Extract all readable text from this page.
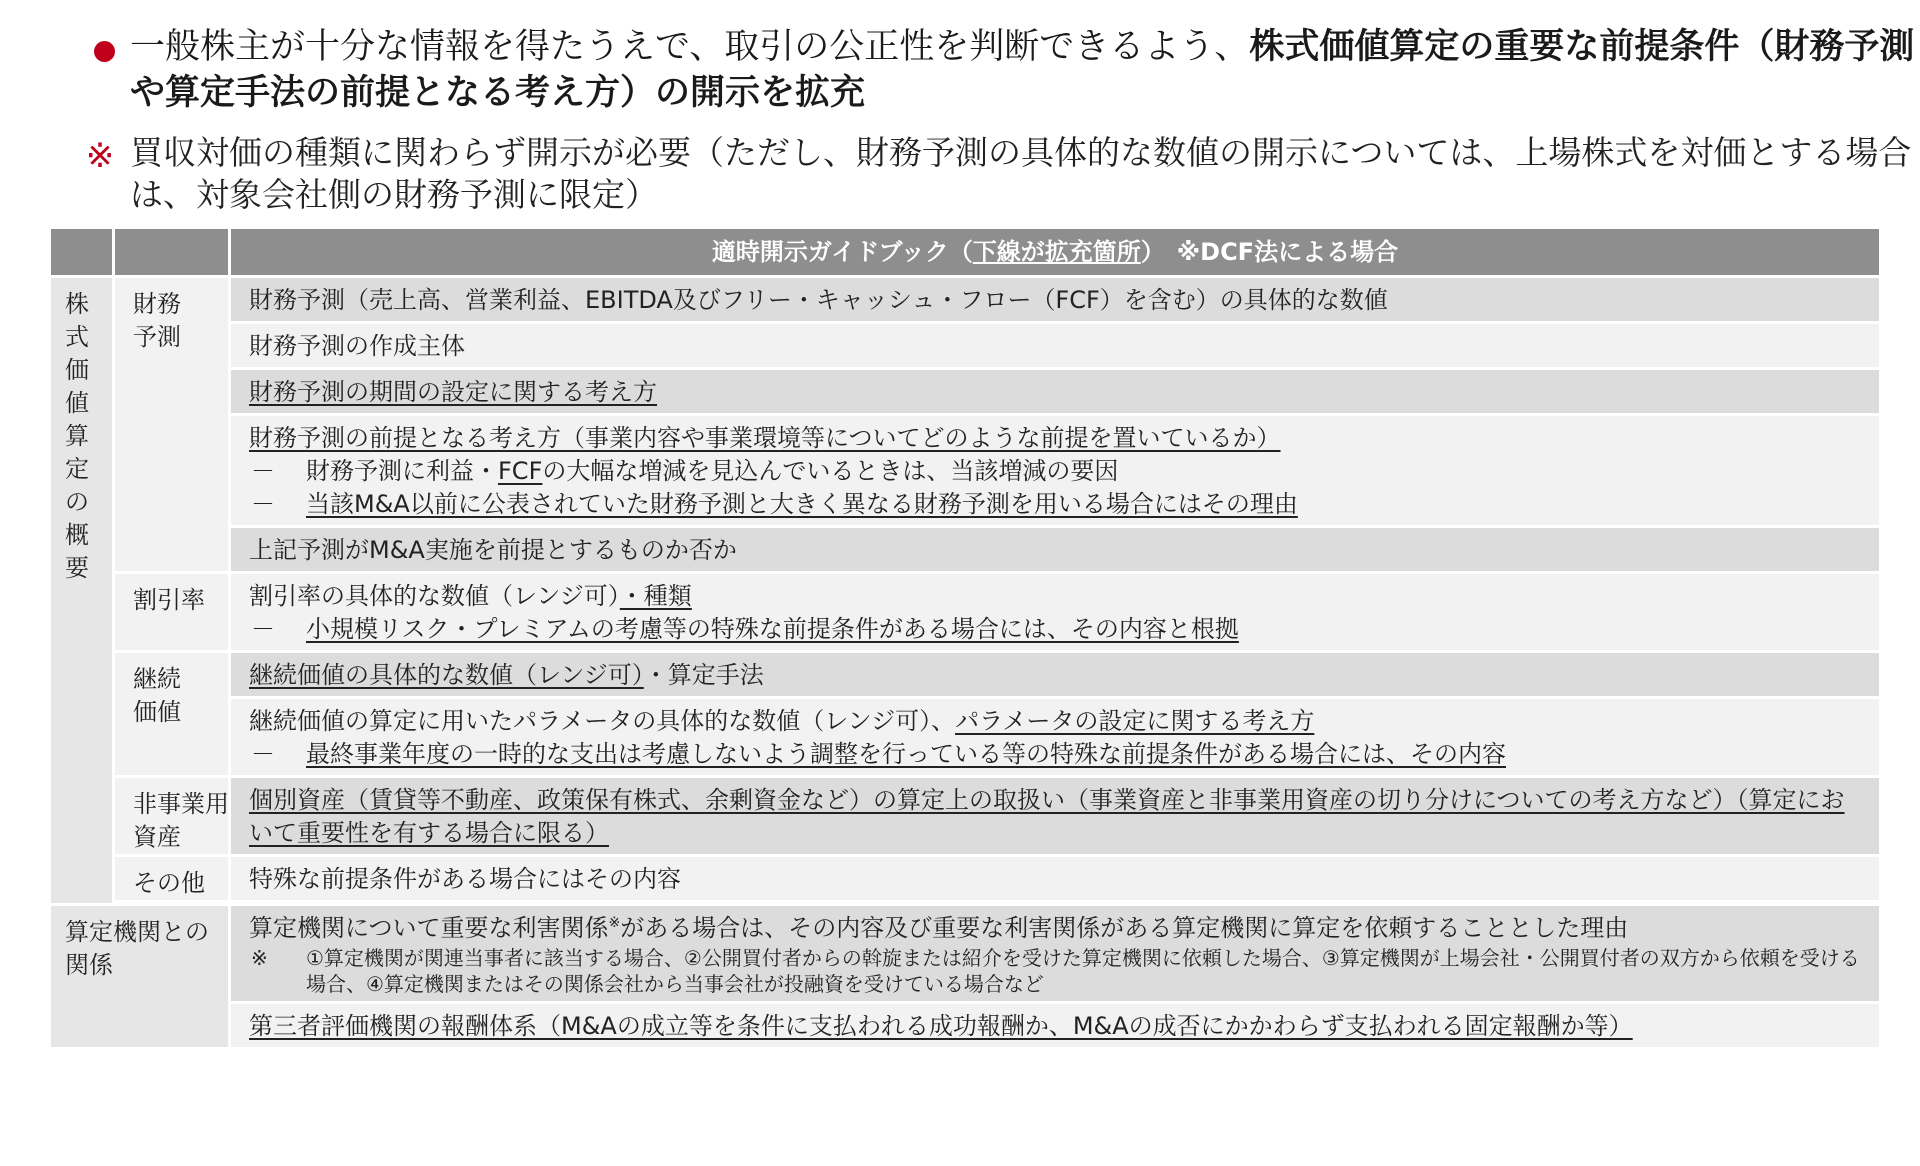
一般株主が十分な情報を得たうえで、取引の公正性を判断できるよう、株式価値算定の重要な前提条件（財務予測や算定手法の前提となる考え方）の開示を拡充
※ 買収対価の種類に関わらず開示が必要（ただし、財務予測の具体的な数値の開示については、上場株式を対価とする場合は、対象会社側の財務予測に限定）
		適時開示ガイドブック（下線が拡充箇所）　※DCF法による場合

株式価値算定の概要	財務予測	財務予測（売上高、営業利益、EBITDA及びフリー・キャッシュ・フロー（FCF）を含む）の具体的な数値
		財務予測の作成主体
		財務予測の期間の設定に関する考え方

		財務予測の前提となる考え方（事業内容や事業環境等についてどのような前提を置いているか）
－ 財務予測に利益・FCFの大幅な増減を見込んでいるときは、当該増減の要因
－ 当該M&A以前に公表されていた財務予測と大きく異なる財務予測を用いる場合にはその理由

		上記予測がM&A実施を前提とするものか否か
	割引率	割引率の具体的な数値（レンジ可）・種類
－ 小規模リスク・プレミアムの考慮等の特殊な前提条件がある場合には、その内容と根拠

	継続価値	継続価値の具体的な数値（レンジ可）・算定手法

		継続価値の算定に用いたパラメータの具体的な数値（レンジ可）、パラメータの設定に関する考え方
－ 最終事業年度の一時的な支出は考慮しないよう調整を行っている等の特殊な前提条件がある場合には、その内容

	非事業用資産	個別資産（賃貸等不動産、政策保有株式、余剰資金など）の算定上の取扱い（事業資産と非事業用資産の切り分けについての考え方など）（算定において重要性を有する場合に限る）
	その他	特殊な前提条件がある場合にはその内容

算定機関との関係		算定機関について重要な利害関係※がある場合は、その内容及び重要な利害関係がある算定機関に算定を依頼することとした理由
※ ①算定機関が関連当事者に該当する場合、②公開買付者からの斡旋または紹介を受けた算定機関に依頼した場合、③算定機関が上場会社・公開買付者の双方から依頼を受ける場合、④算定機関またはその関係会社から当事会社が投融資を受けている場合など

		第三者評価機関の報酬体系（M&Aの成立等を条件に支払われる成功報酬か、M&Aの成否にかかわらず支払われる固定報酬か等）
